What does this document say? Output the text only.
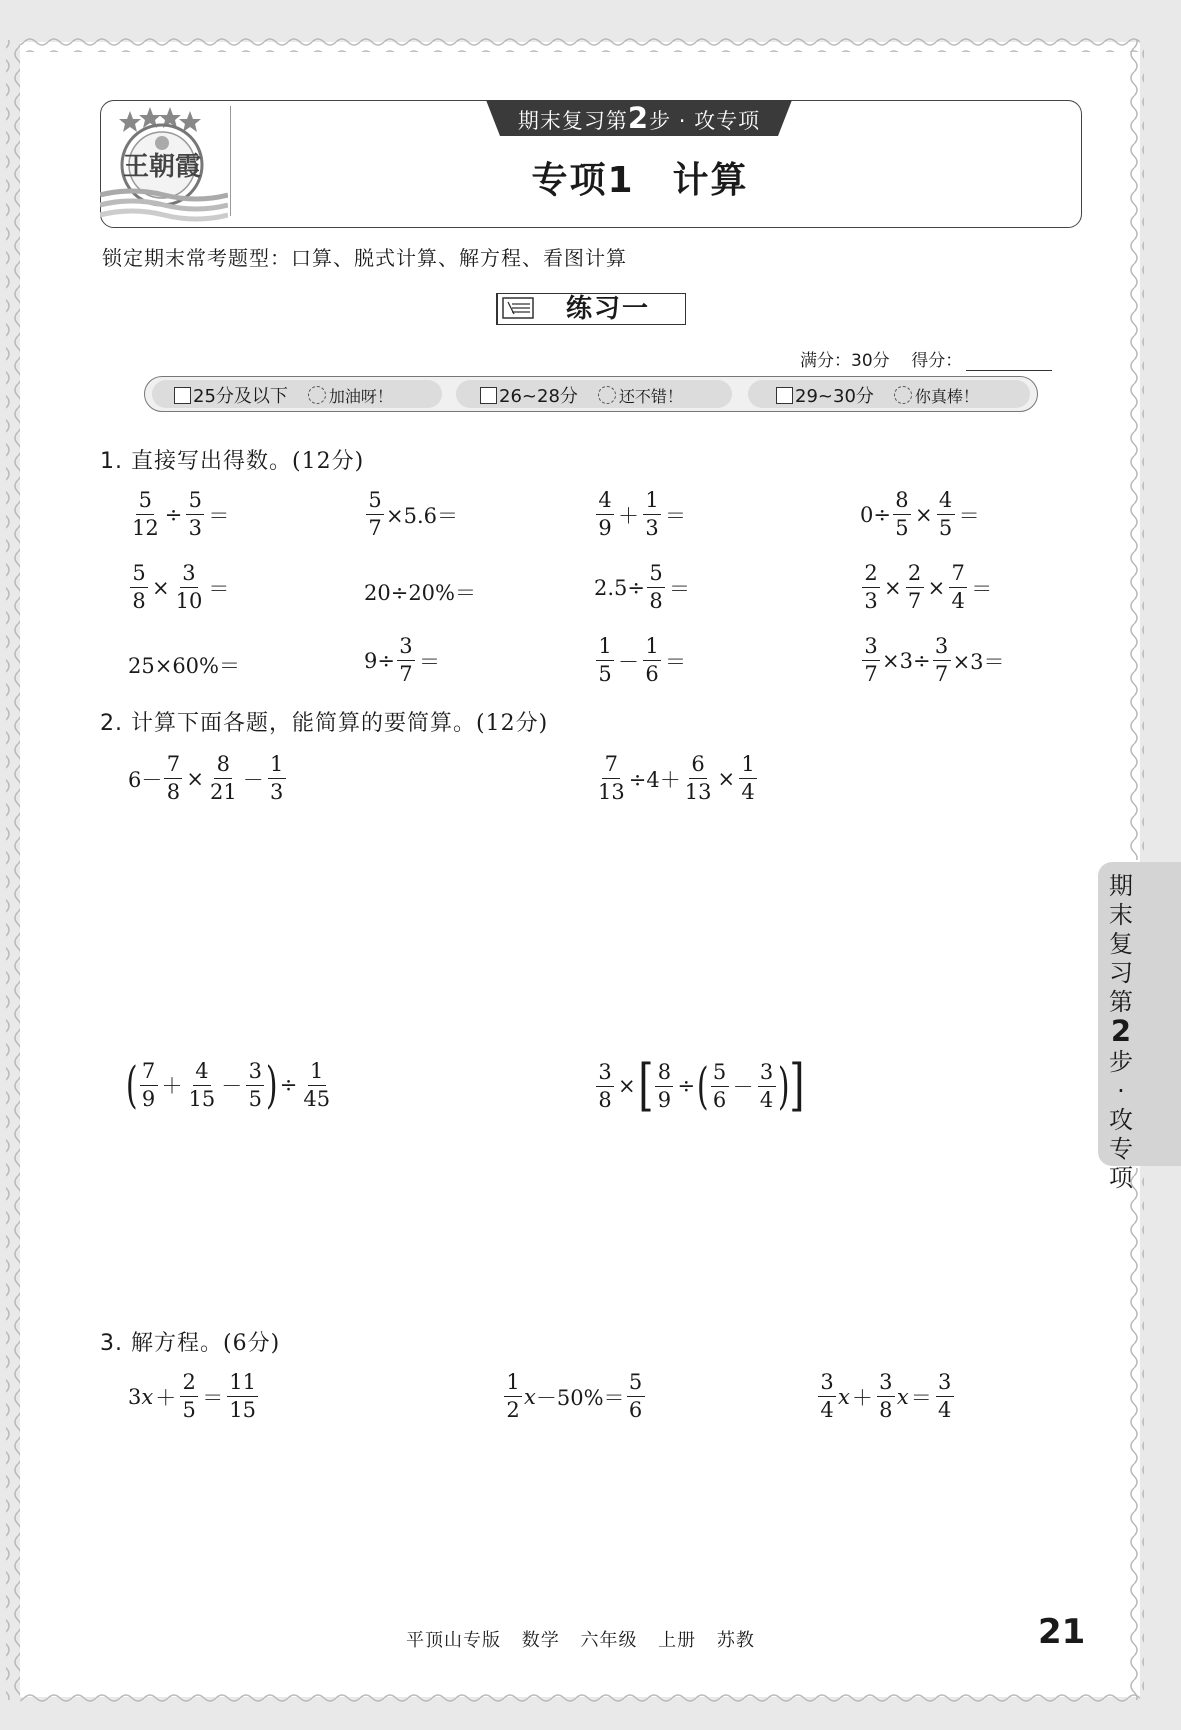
王朝霞
期末复习第2步 · 攻专项
专项1　计算
锁定期末常考题型：口算、脱式计算、解方程、看图计算
练习一
满分：30分 得分：
25分及以下	加油呀！	26~28分	还不错！	29~30分	你真棒！
1. 直接写出得数。(12分)
$\frac{5}{12} \div \frac{5}{3}$ ＝	$\frac{5}{7} \times 5.6=$	$\frac{4}{9} + \frac{1}{3}$ ＝	$0\div \frac{8}{5} \times \frac{4}{5}$ ＝
$\frac{5}{8} \times \frac{3}{10}$ ＝	20÷20%＝	$2.5\div \frac{5}{8}$ ＝	$\frac{2}{3} \times \frac{2}{7} \times \frac{7}{4}$ ＝
25×60%＝	$9\div \frac{3}{7}$ ＝	$\frac{1}{5} - \frac{1}{6}$ ＝	$\frac{3}{7} \times 3\div \frac{3}{7} \times 3=$
2. 计算下面各题，能简算的要简算。(12分)
$6- \frac{7}{8} \times \frac{8}{21} - \frac{1}{3}$	$\frac{7}{13} \div 4+ \frac{6}{13} \times \frac{1}{4}$
( $\frac{7}{9} + \frac{4}{15} - \frac{3}{5}$ ) ÷ $\frac{1}{45}$	$\frac{3}{8}$ × [ $\frac{8}{9}$ ÷ ( $\frac{5}{6} - \frac{3}{4}$ ) ]
3. 解方程。(6分)
3 $x + \frac{2}{5} = \frac{11}{15}$	$\frac{1}{2}$ $x -50\%= \frac{5}{6}$	$\frac{3}{4}$ $x + \frac{3}{8}$ $x = \frac{3}{4}$
期
末
复
习
第
2
步
·
攻
专
项
平顶山专版 数学 六年级 上册 苏教	21
